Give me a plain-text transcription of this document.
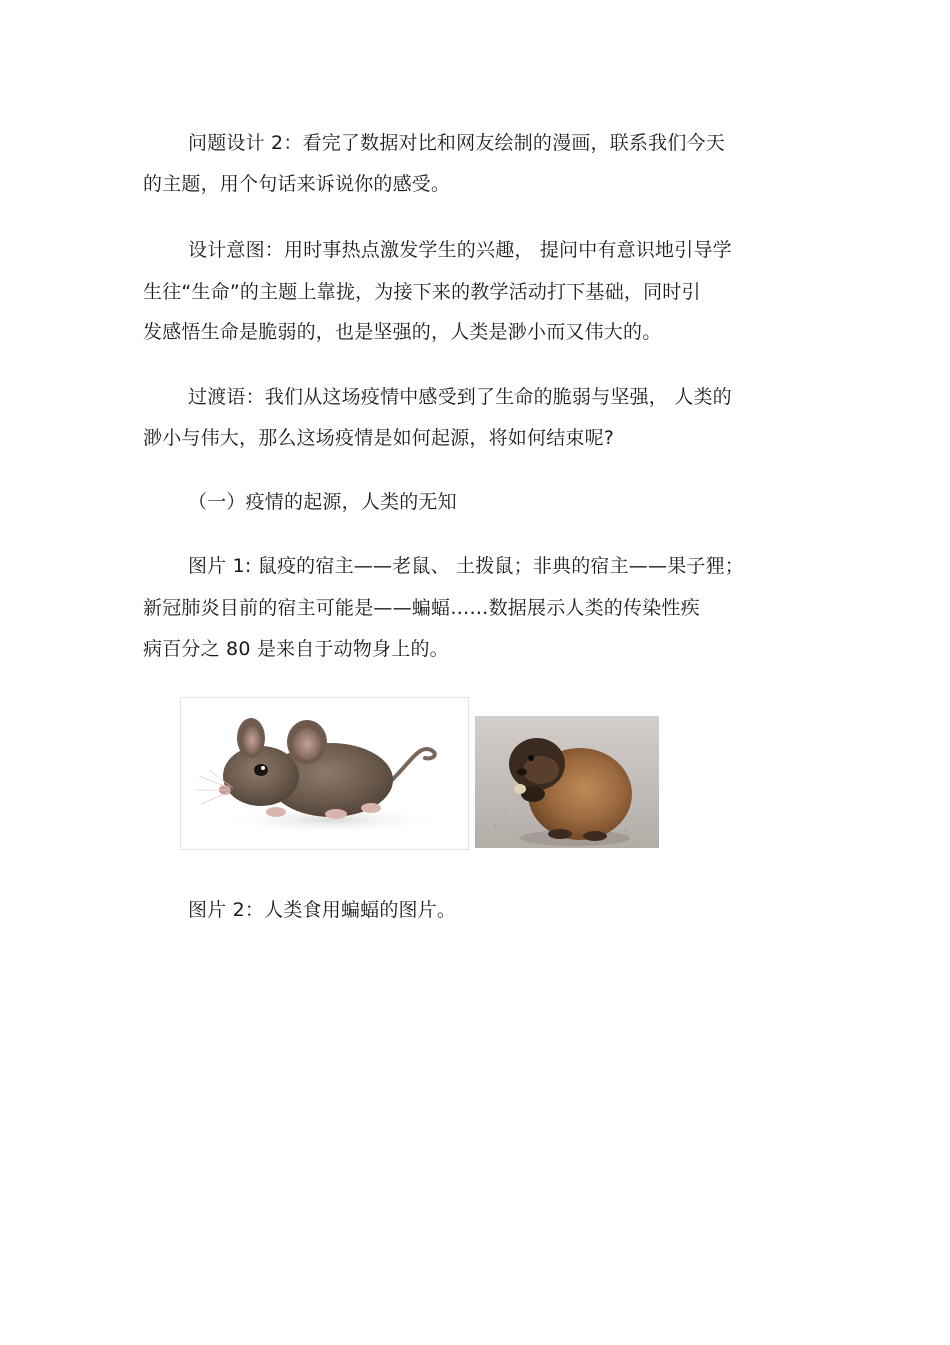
问题设计 2：看完了数据对比和网友绘制的漫画，联系我们今天
的主题，用个句话来诉说你的感受。
设计意图：用时事热点激发学生的兴趣， 提问中有意识地引导学
生往“生命”的主题上靠拢，为接下来的教学活动打下基础，同时引
发感悟生命是脆弱的，也是坚强的，人类是渺小而又伟大的。
过渡语：我们从这场疫情中感受到了生命的脆弱与坚强， 人类的
渺小与伟大，那么这场疫情是如何起源，将如何结束呢?
（一）疫情的起源，人类的无知
图片 1: 鼠疫的宿主——老鼠、 土拨鼠；非典的宿主——果子狸；
新冠肺炎目前的宿主可能是——蝙蝠……数据展示人类的传染性疾
病百分之 80 是来自于动物身上的。
图片 2：人类食用蝙蝠的图片。
